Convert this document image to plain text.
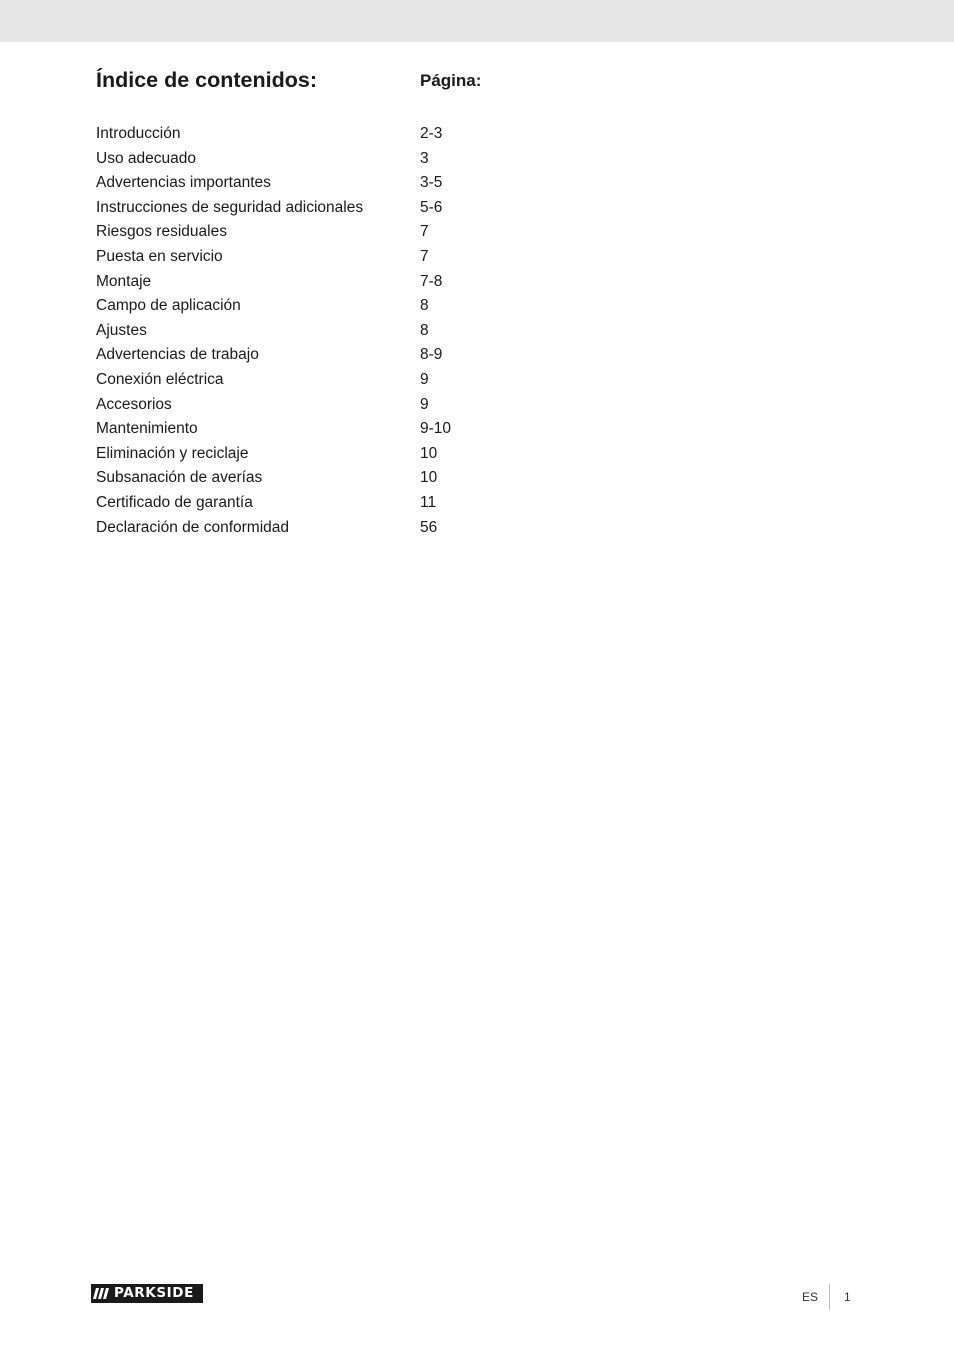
Índice de contenidos:	Página:
Introducción	2-3
Uso adecuado	3
Advertencias importantes	3-5
Instrucciones de seguridad adicionales	5-6
Riesgos residuales	7
Puesta en servicio	7
Montaje	7-8
Campo de aplicación	8
Ajustes	8
Advertencias de trabajo	8-9
Conexión eléctrica	9
Accesorios	9
Mantenimiento	9-10
Eliminación y reciclaje	10
Subsanación de averías	10
Certificado de garantía	11
Declaración de conformidad	56
PARKSIDE	ES 1
